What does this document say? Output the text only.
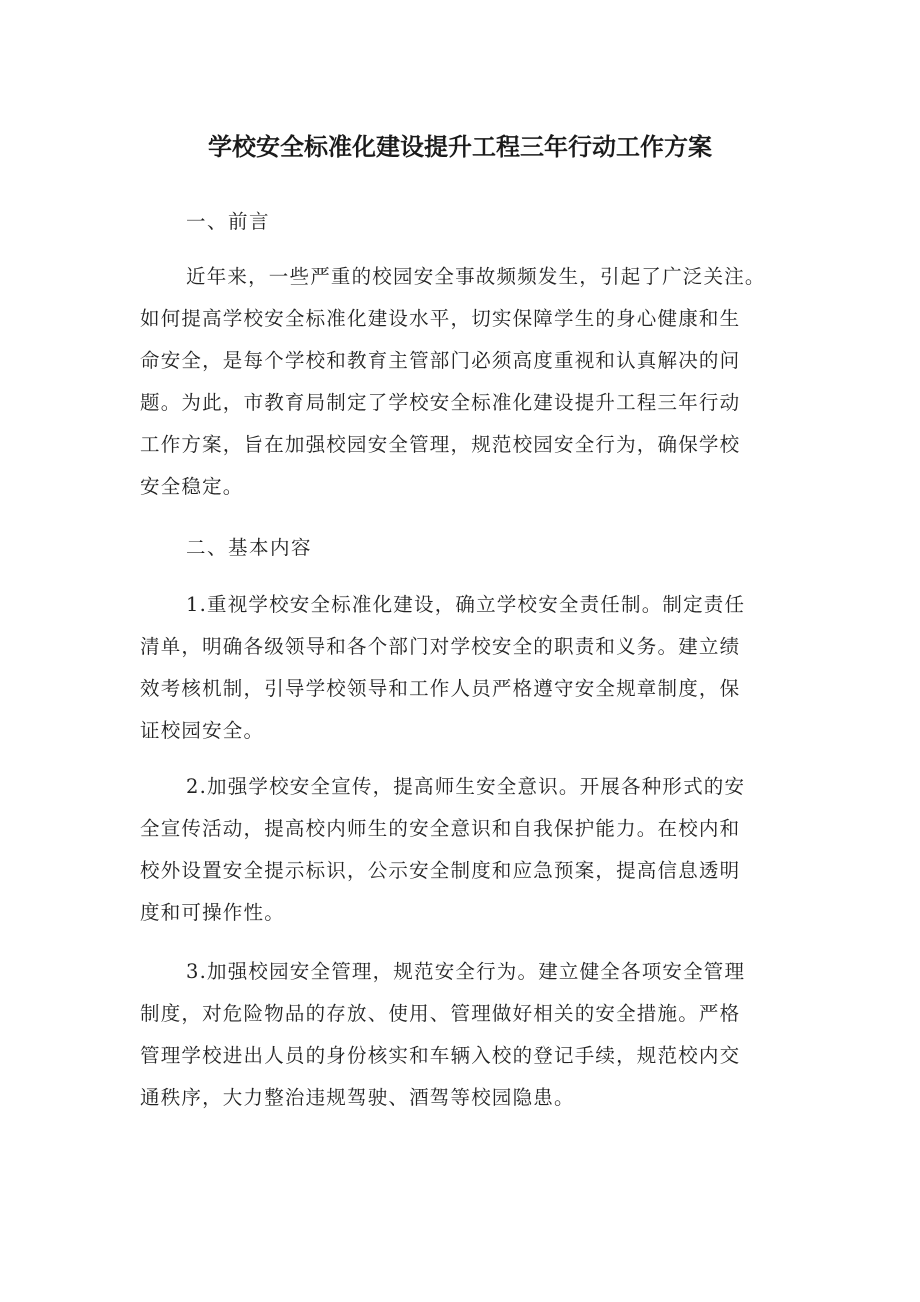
学校安全标准化建设提升工程三年行动工作方案
一、前言
近年来，一些严重的校园安全事故频频发生，引起了广泛关注。
如何提高学校安全标准化建设水平，切实保障学生的身心健康和生
命安全，是每个学校和教育主管部门必须高度重视和认真解决的问
题。为此，市教育局制定了学校安全标准化建设提升工程三年行动
工作方案，旨在加强校园安全管理，规范校园安全行为，确保学校
安全稳定。
二、基本内容
1.重视学校安全标准化建设，确立学校安全责任制。制定责任
清单，明确各级领导和各个部门对学校安全的职责和义务。建立绩
效考核机制，引导学校领导和工作人员严格遵守安全规章制度，保
证校园安全。
2.加强学校安全宣传，提高师生安全意识。开展各种形式的安
全宣传活动，提高校内师生的安全意识和自我保护能力。在校内和
校外设置安全提示标识，公示安全制度和应急预案，提高信息透明
度和可操作性。
3.加强校园安全管理，规范安全行为。建立健全各项安全管理
制度，对危险物品的存放、使用、管理做好相关的安全措施。严格
管理学校进出人员的身份核实和车辆入校的登记手续，规范校内交
通秩序，大力整治违规驾驶、酒驾等校园隐患。
